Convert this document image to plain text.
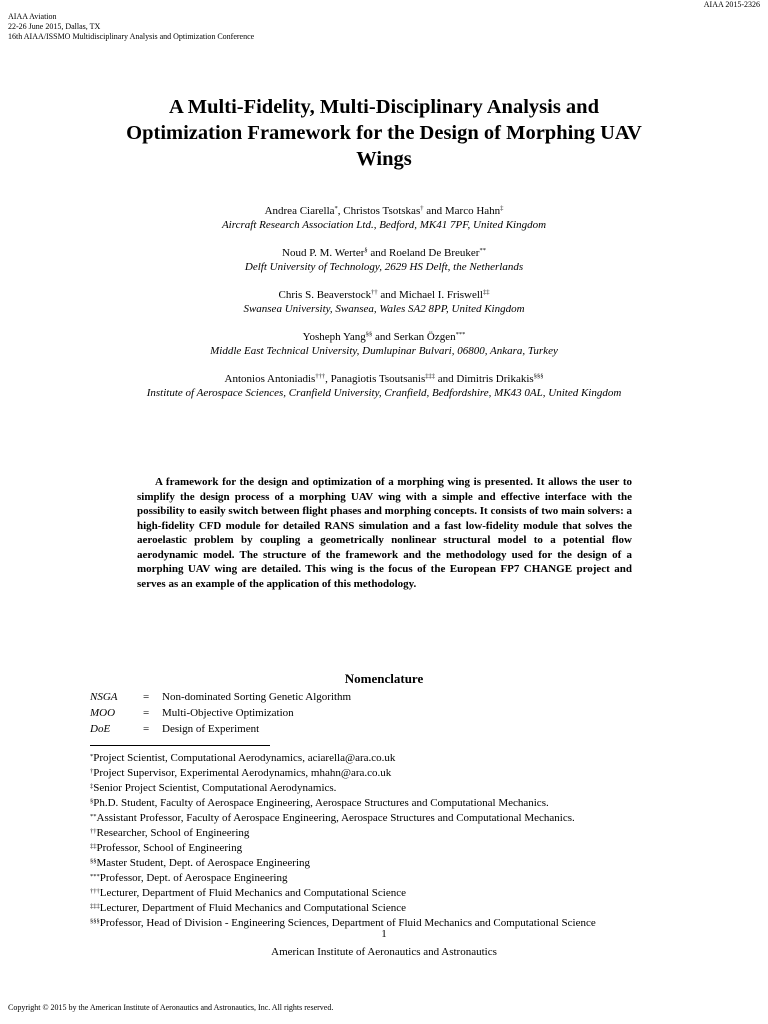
AIAA 2015-2326
AIAA Aviation
22-26 June 2015, Dallas, TX
16th AIAA/ISSMO Multidisciplinary Analysis and Optimization Conference
A Multi-Fidelity, Multi-Disciplinary Analysis and
Optimization Framework for the Design of Morphing UAV
Wings
Andrea Ciarella*, Christos Tsotskas† and Marco Hahn‡
Aircraft Research Association Ltd., Bedford, MK41 7PF, United Kingdom
Noud P. M. Werter§ and Roeland De Breuker**
Delft University of Technology, 2629 HS Delft, the Netherlands
Chris S. Beaverstock†† and Michael I. Friswell‡‡
Swansea University, Swansea, Wales SA2 8PP, United Kingdom
Yosheph Yang§§ and Serkan Özgen***
Middle East Technical University, Dumlupinar Bulvari, 06800, Ankara, Turkey
Antonios Antoniadis†††, Panagiotis Tsoutsanis‡‡‡ and Dimitris Drikakis§§§
Institute of Aerospace Sciences, Cranfield University, Cranfield, Bedfordshire, MK43 0AL, United Kingdom

A framework for the design and optimization of a morphing wing is presented. It allows the user to simplify the design process of a morphing UAV wing with a simple and effective interface with the possibility to easily switch between flight phases and morphing concepts. It consists of two main solvers: a high-fidelity CFD module for detailed RANS simulation and a fast low-fidelity module that solves the aeroelastic problem by coupling a geometrically nonlinear structural model to a potential flow aerodynamic model. The structure of the framework and the methodology used for the design of a morphing UAV wing are detailed. This wing is the focus of the European FP7 CHANGE project and serves as an example of the application of this methodology.

Nomenclature
NSGA	=	Non-dominated Sorting Genetic Algorithm
MOO	=	Multi-Objective Optimization
DoE	=	Design of Experiment
*Project Scientist, Computational Aerodynamics, aciarella@ara.co.uk
†Project Supervisor, Experimental Aerodynamics, mhahn@ara.co.uk
‡Senior Project Scientist, Computational Aerodynamics.
§Ph.D. Student, Faculty of Aerospace Engineering, Aerospace Structures and Computational Mechanics.
**Assistant Professor, Faculty of Aerospace Engineering, Aerospace Structures and Computational Mechanics.
††Researcher, School of Engineering
‡‡Professor, School of Engineering
§§Master Student, Dept. of Aerospace Engineering
***Professor, Dept. of Aerospace Engineering
†††Lecturer, Department of Fluid Mechanics and Computational Science
‡‡‡Lecturer, Department of Fluid Mechanics and Computational Science
§§§Professor, Head of Division - Engineering Sciences, Department of Fluid Mechanics and Computational Science
1
American Institute of Aeronautics and Astronautics
Copyright © 2015 by the American Institute of Aeronautics and Astronautics, Inc. All rights reserved.
